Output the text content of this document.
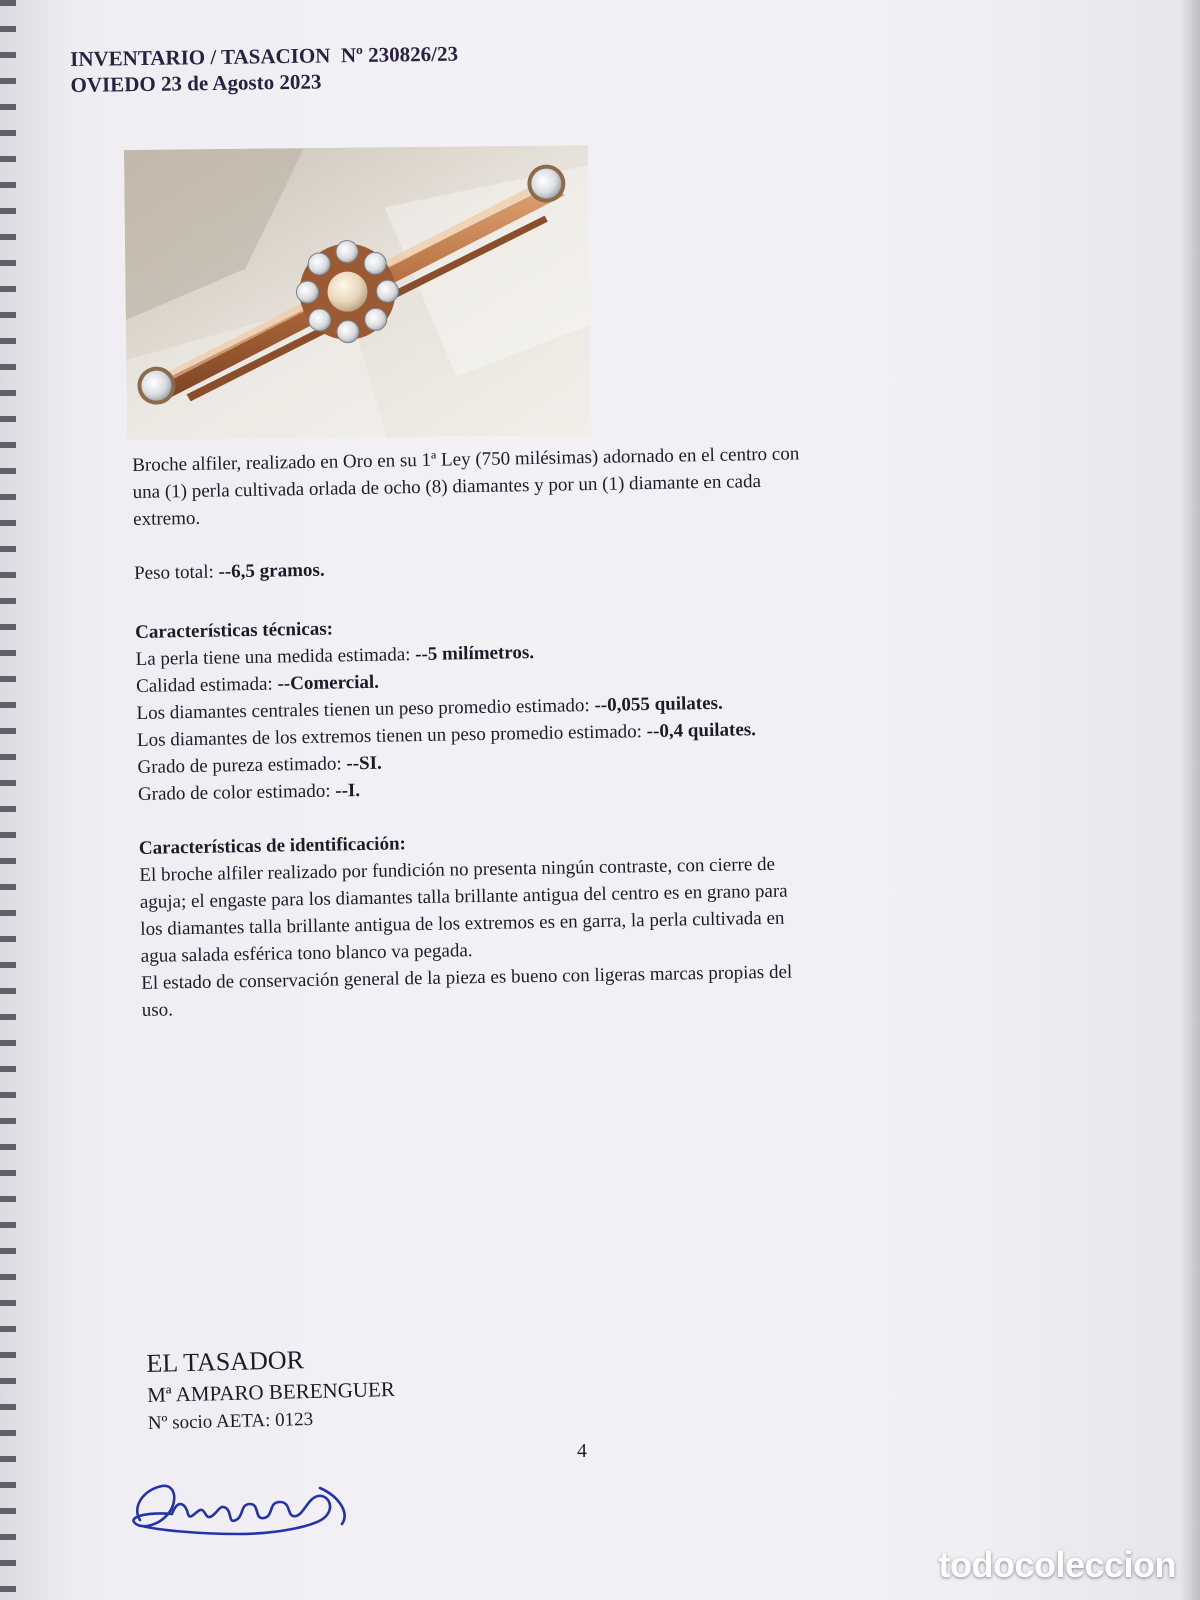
INVENTARIO / TASACION  Nº 230826/23
OVIEDO 23 de Agosto 2023

Broche alfiler, realizado en Oro en su 1ª Ley (750 milésimas) adornado en el centro con
una (1) perla cultivada orlada de ocho (8) diamantes y por un (1) diamante en cada
extremo.

Peso total: --6,5 gramos.

Características técnicas:
La perla tiene una medida estimada: --5 milímetros.
Calidad estimada: --Comercial.
Los diamantes centrales tienen un peso promedio estimado: --0,055 quilates.
Los diamantes de los extremos tienen un peso promedio estimado: --0,4 quilates.
Grado de pureza estimado: --SI.
Grado de color estimado: --I.

Características de identificación:
El broche alfiler realizado por fundición no presenta ningún contraste, con cierre de
aguja; el engaste para los diamantes talla brillante antigua del centro es en grano para
los diamantes talla brillante antigua de los extremos es en garra, la perla cultivada en
agua salada esférica tono blanco va pegada.
El estado de conservación general de la pieza es bueno con ligeras marcas propias del
uso.

EL TASADOR
Mª AMPARO BERENGUER
Nº socio AETA: 0123
4
todocoleccion
